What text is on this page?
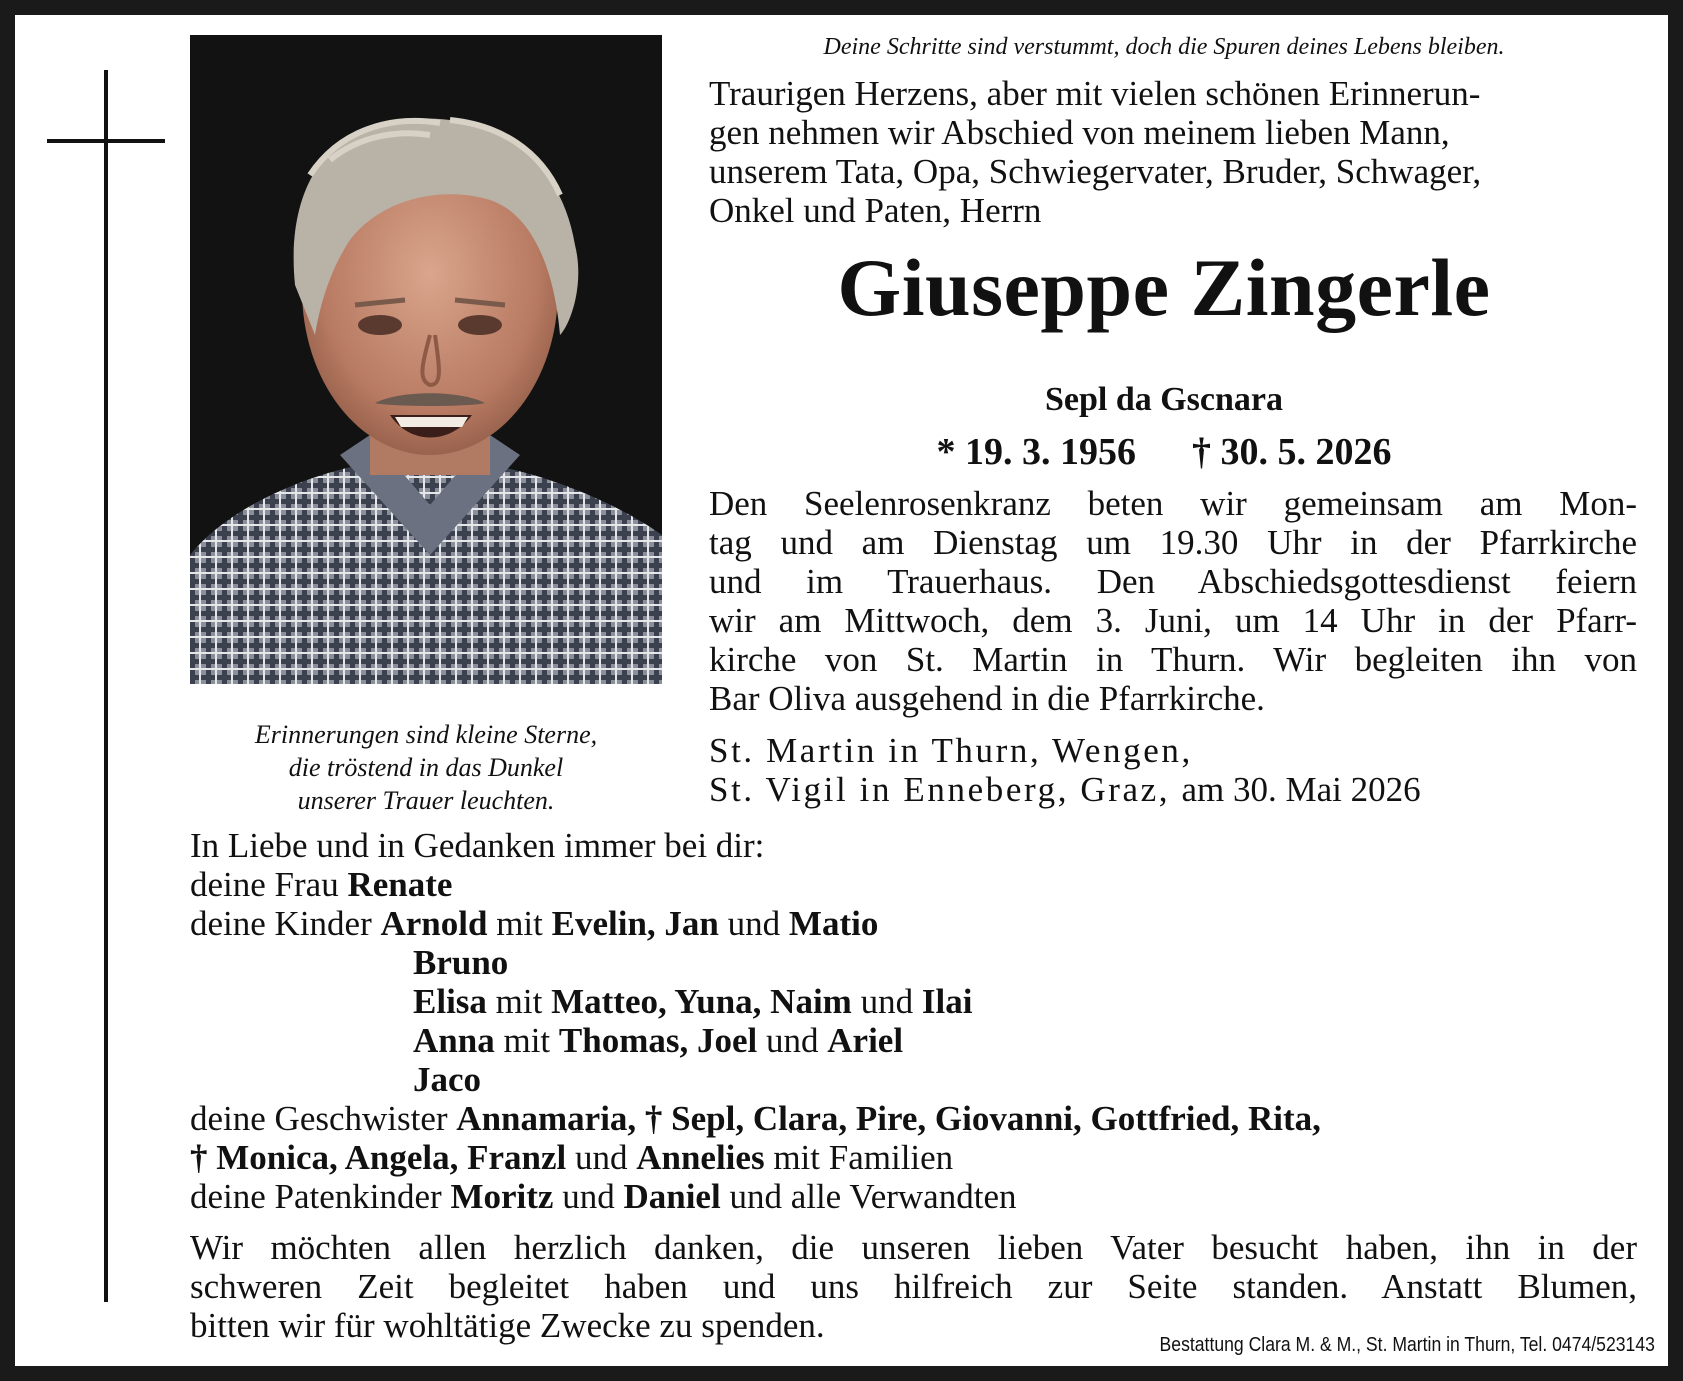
Erinnerungen sind kleine Sterne,
die tröstend in das Dunkel
unserer Trauer leuchten.
Deine Schritte sind verstummt, doch die Spuren deines Lebens bleiben.
Traurigen Herzens, aber mit vielen schönen Erinnerun-
gen nehmen wir Abschied von meinem lieben Mann,
unserem Tata, Opa, Schwiegervater, Bruder, Schwager,
Onkel und Paten, Herrn
Giuseppe Zingerle
Sepl da Gscnara
* 19. 3. 1956 † 30. 5. 2026
Den Seelenrosenkranz beten wir gemeinsam am Mon-
tag und am Dienstag um 19.30 Uhr in der Pfarrkirche
und im Trauerhaus. Den Abschiedsgottesdienst feiern
wir am Mittwoch, dem 3. Juni, um 14 Uhr in der Pfarr-
kirche von St. Martin in Thurn. Wir begleiten ihn von
Bar Oliva ausgehend in die Pfarrkirche.
St. Martin in Thurn, Wengen,
St. Vigil in Enneberg, Graz, am 30. Mai 2026
In Liebe und in Gedanken immer bei dir:
deine Frau Renate
deine Kinder Arnold mit Evelin, Jan und Matio
Bruno
Elisa mit Matteo, Yuna, Naim und Ilai
Anna mit Thomas, Joel und Ariel
Jaco
deine Geschwister Annamaria, † Sepl, Clara, Pire, Giovanni, Gottfried, Rita,
† Monica, Angela, Franzl und Annelies mit Familien
deine Patenkinder Moritz und Daniel und alle Verwandten
Wir möchten allen herzlich danken, die unseren lieben Vater besucht haben, ihn in der
schweren Zeit begleitet haben und uns hilfreich zur Seite standen. Anstatt Blumen,
bitten wir für wohltätige Zwecke zu spenden.	Bestattung Clara M. & M., St. Martin in Thurn, Tel. 0474/523143
